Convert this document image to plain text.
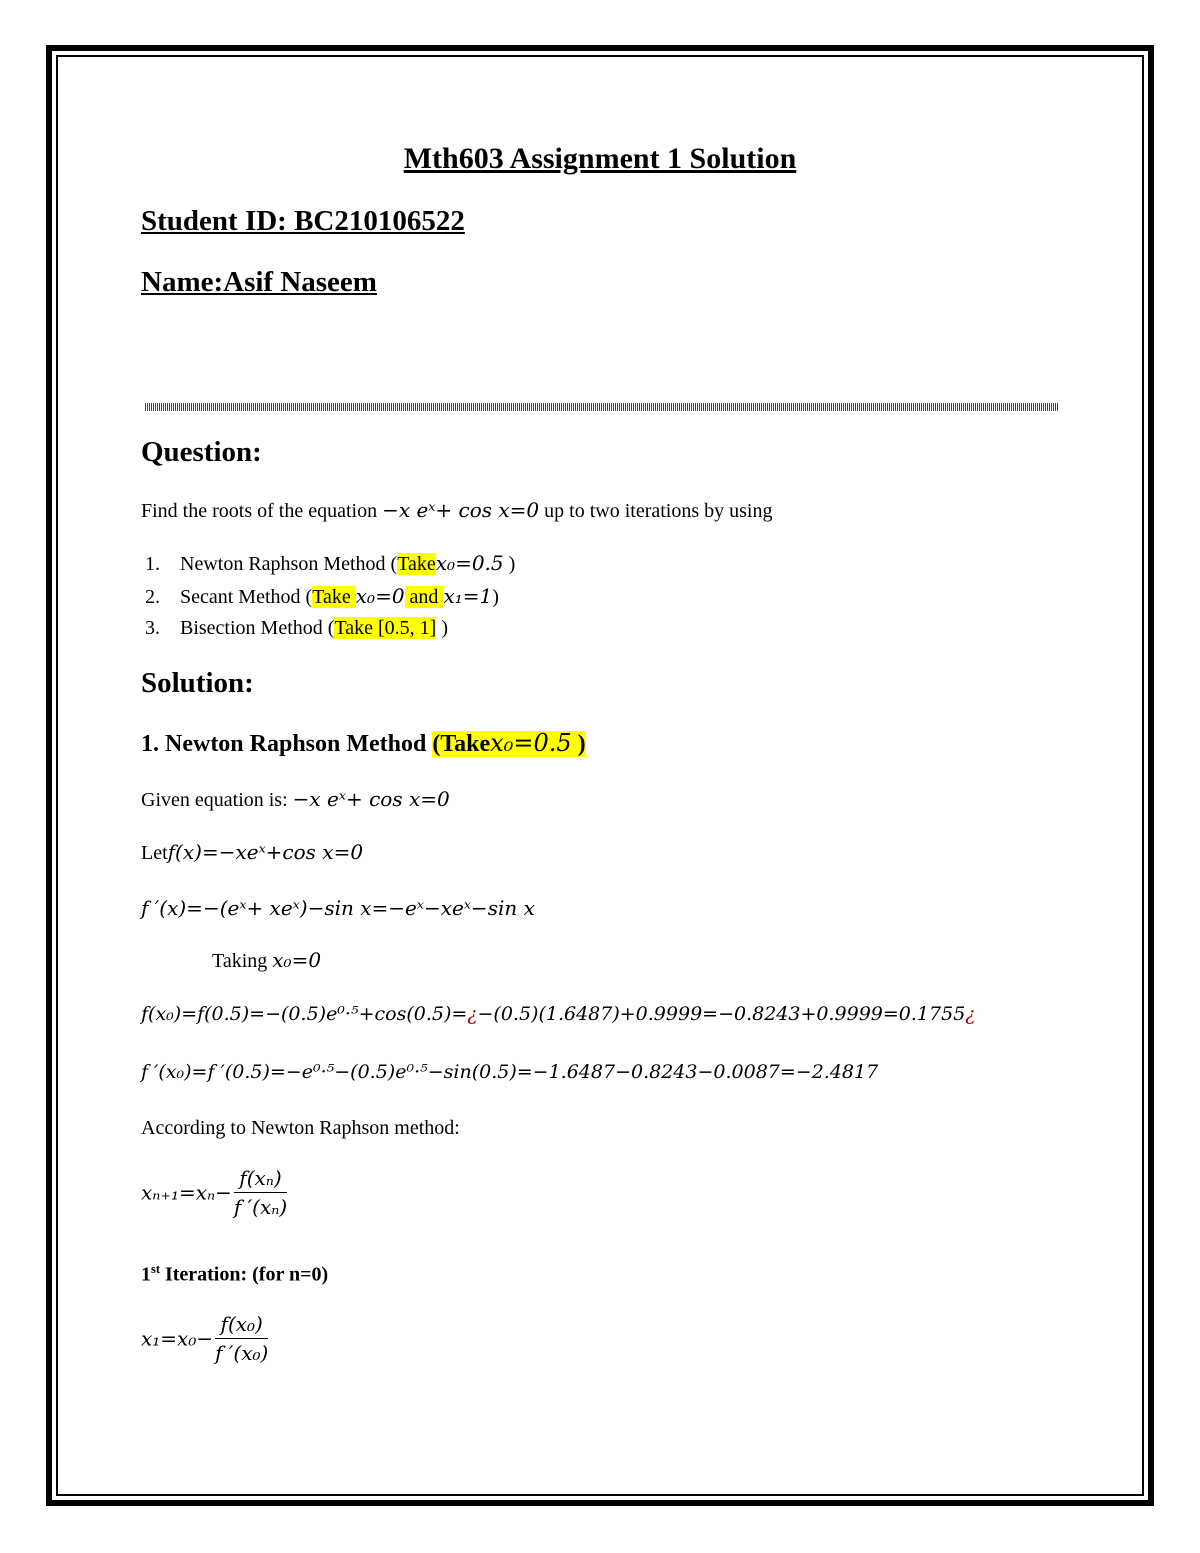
Mth603 Assignment 1 Solution
Student ID: BC210106522
Name:Asif Naseem
Question:
Find the roots of the equation −x eˣ+ cos x=0 up to two iterations by using
1. Newton Raphson Method (Takex₀=0.5 )
2. Secant Method (Take x₀=0 and x₁=1)
3. Bisection Method (Take [0.5, 1] )
Solution:
1. Newton Raphson Method (Takex₀=0.5 )
Given equation is: −x eˣ+ cos x=0
Letf(x)=−xeˣ+cos x=0
f ′(x)=−(eˣ+ xeˣ)−sin x=−eˣ−xeˣ−sin x
Taking x₀=0
f(x₀)=f(0.5)=−(0.5)e⁰·⁵+cos(0.5)=¿−(0.5)(1.6487)+0.9999=−0.8243+0.9999=0.1755¿
f ′(x₀)=f ′(0.5)=−e⁰·⁵−(0.5)e⁰·⁵−sin(0.5)=−1.6487−0.8243−0.0087=−2.4817
According to Newton Raphson method:
$x_{n+1}=x_n- \frac{\text{f(xₙ)}}{\text{f ′(xₙ)}}$
1st Iteration: (for n=0)
$x_1=x_0- \frac{\text{f(x₀)}}{\text{f ′(x₀)}}$
